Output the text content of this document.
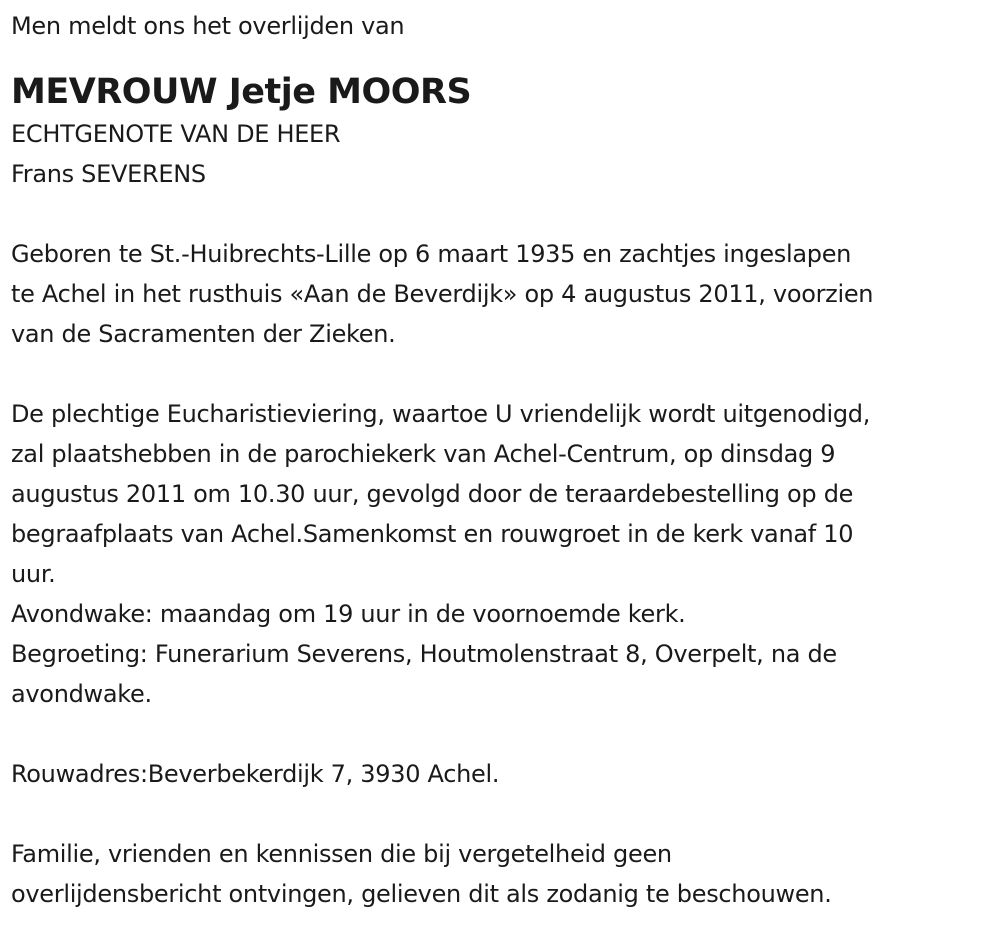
Men meldt ons het overlijden van
MEVROUW Jetje MOORS
ECHTGENOTE VAN DE HEER
Frans SEVERENS
Geboren te St.-Huibrechts-Lille op 6 maart 1935 en zachtjes ingeslapen
te Achel in het rusthuis «Aan de Beverdijk» op 4 augustus 2011, voorzien
van de Sacramenten der Zieken.
De plechtige Eucharistieviering, waartoe U vriendelijk wordt uitgenodigd,
zal plaatshebben in de parochiekerk van Achel-Centrum, op dinsdag 9
augustus 2011 om 10.30 uur, gevolgd door de teraardebestelling op de
begraafplaats van Achel.Samenkomst en rouwgroet in de kerk vanaf 10
uur.
Avondwake: maandag om 19 uur in de voornoemde kerk.
Begroeting: Funerarium Severens, Houtmolenstraat 8, Overpelt, na de
avondwake.
Rouwadres:Beverbekerdijk 7, 3930 Achel.
Familie, vrienden en kennissen die bij vergetelheid geen
overlijdensbericht ontvingen, gelieven dit als zodanig te beschouwen.
